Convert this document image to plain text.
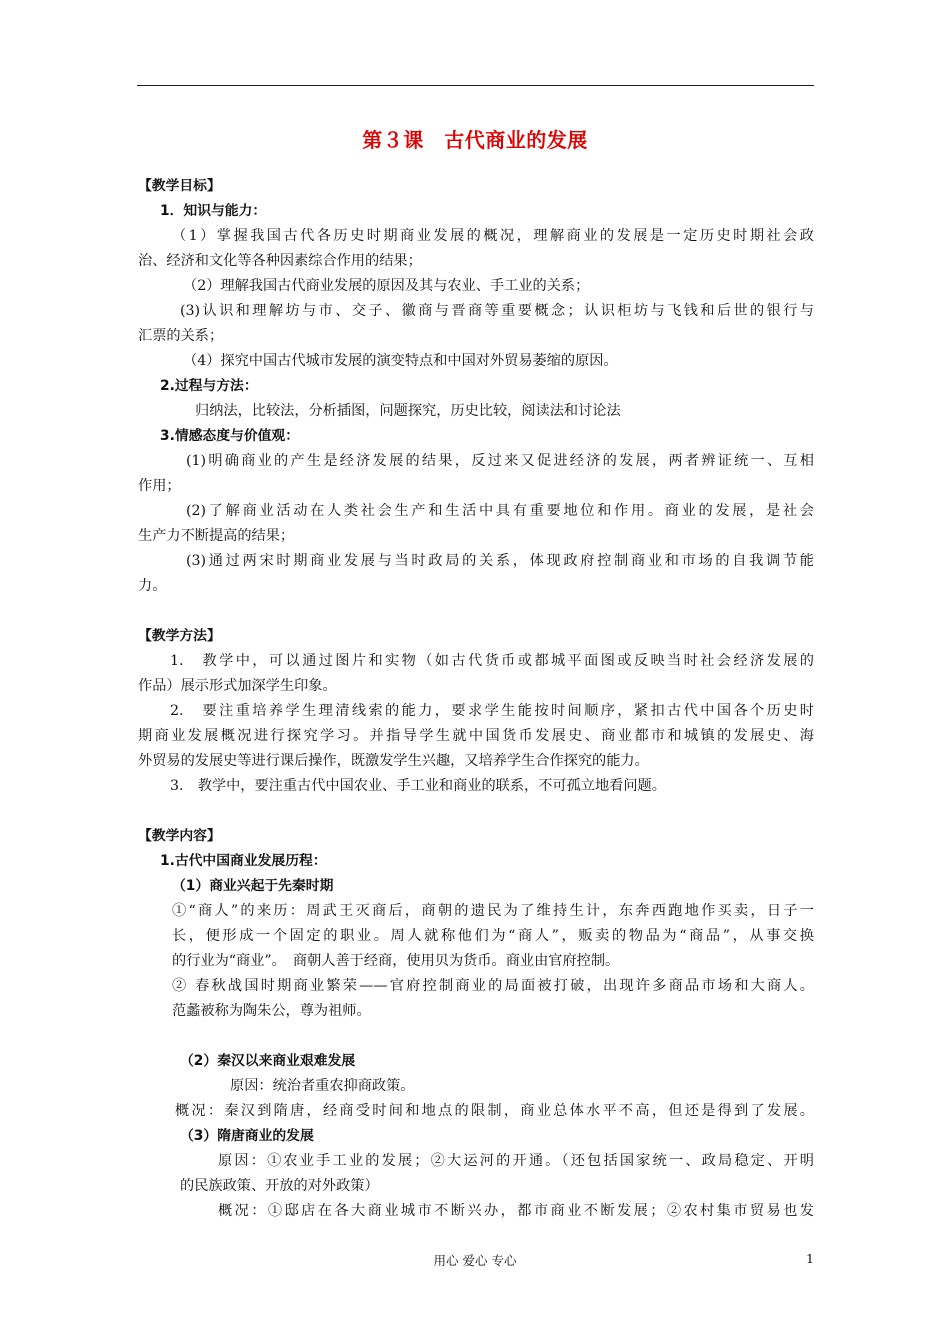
第３课　古代商业的发展
【教学目标】
1．知识与能力：
（1）掌握我国古代各历史时期商业发展的概况，理解商业的发展是一定历史时期社会政
治、经济和文化等各种因素综合作用的结果；
（2）理解我国古代商业发展的原因及其与农业、手工业的关系；
(3)认识和理解坊与市、交子、徽商与晋商等重要概念；认识柜坊与飞钱和后世的银行与
汇票的关系；
（4）探究中国古代城市发展的演变特点和中国对外贸易萎缩的原因。
2.过程与方法：
归纳法，比较法，分析插图，问题探究，历史比较，阅读法和讨论法
3.情感态度与价值观：
(1)明确商业的产生是经济发展的结果，反过来又促进经济的发展，两者辨证统一、互相
作用；
(2)了解商业活动在人类社会生产和生活中具有重要地位和作用。商业的发展，是社会
生产力不断提高的结果；
(3)通过两宋时期商业发展与当时政局的关系，体现政府控制商业和市场的自我调节能
力。
【教学方法】
1.　教学中，可以通过图片和实物（如古代货币或都城平面图或反映当时社会经济发展的
作品）展示形式加深学生印象。
2.　要注重培养学生理清线索的能力，要求学生能按时间顺序，紧扣古代中国各个历史时
期商业发展概况进行探究学习。并指导学生就中国货币发展史、商业都市和城镇的发展史、海
外贸易的发展史等进行课后操作，既激发学生兴趣，又培养学生合作探究的能力。
3.　教学中，要注重古代中国农业、手工业和商业的联系，不可孤立地看问题。
【教学内容】
1.古代中国商业发展历程：
（1）商业兴起于先秦时期
①“商人”的来历：周武王灭商后，商朝的遗民为了维持生计，东奔西跑地作买卖，日子一
长，便形成一个固定的职业。周人就称他们为“商人”，贩卖的物品为“商品”，从事交换
的行业为“商业”。　商朝人善于经商，使用贝为货币。商业由官府控制。
② 春秋战国时期商业繁荣——官府控制商业的局面被打破，出现许多商品市场和大商人。
范蠡被称为陶朱公，尊为祖师。
（2）秦汉以来商业艰难发展
原因：统治者重农抑商政策。
概况：秦汉到隋唐，经商受时间和地点的限制，商业总体水平不高，但还是得到了发展。
（3）隋唐商业的发展
原因：①农业手工业的发展；②大运河的开通。（还包括国家统一、政局稳定、开明
的民族政策、开放的对外政策）
概况：①邸店在各大商业城市不断兴办，都市商业不断发展；②农村集市贸易也发
用心 爱心 专心	1
